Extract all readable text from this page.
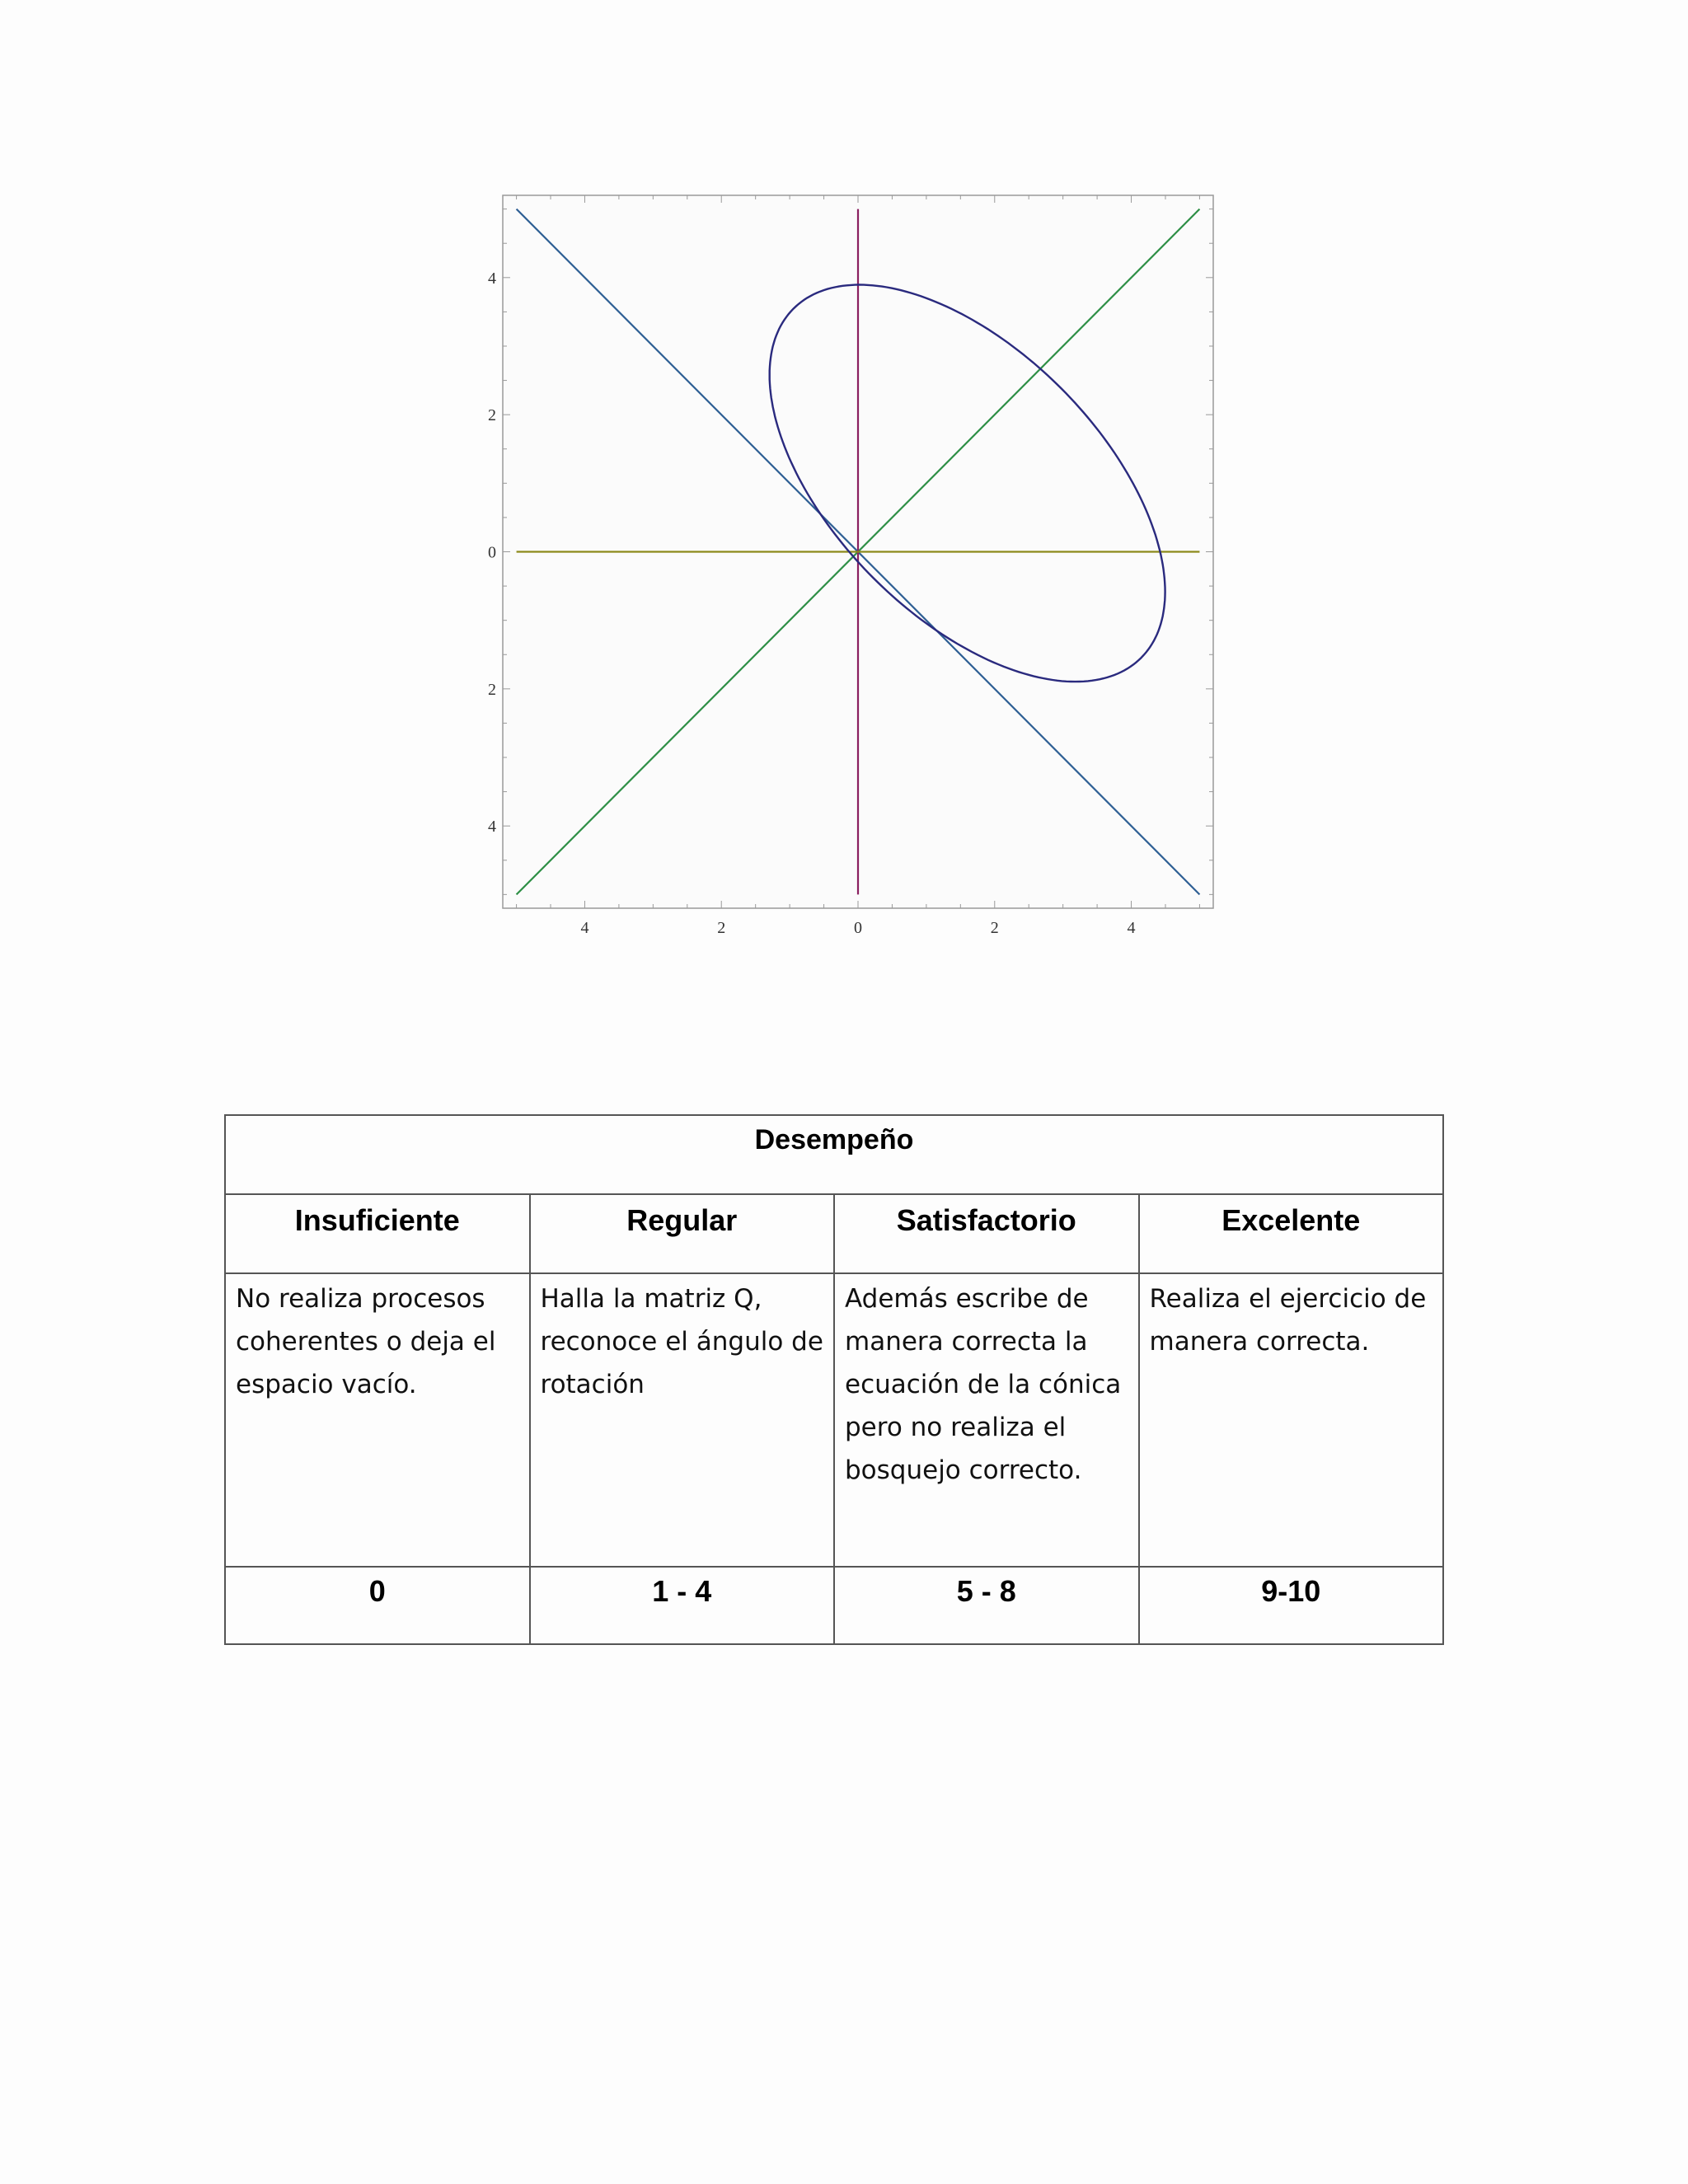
4	2	0	2	4
4
2
0
2
4
Desempeño			
Insuficiente	Regular	Satisfactorio	Excelente
No realiza procesos coherentes o deja el espacio vacío.	Halla la matriz Q, reconoce el ángulo de rotación	Además escribe de manera correcta la ecuación de la cónica pero no realiza el bosquejo correcto.	Realiza el ejercicio de manera correcta.
0	1 - 4	5 - 8	9-10
